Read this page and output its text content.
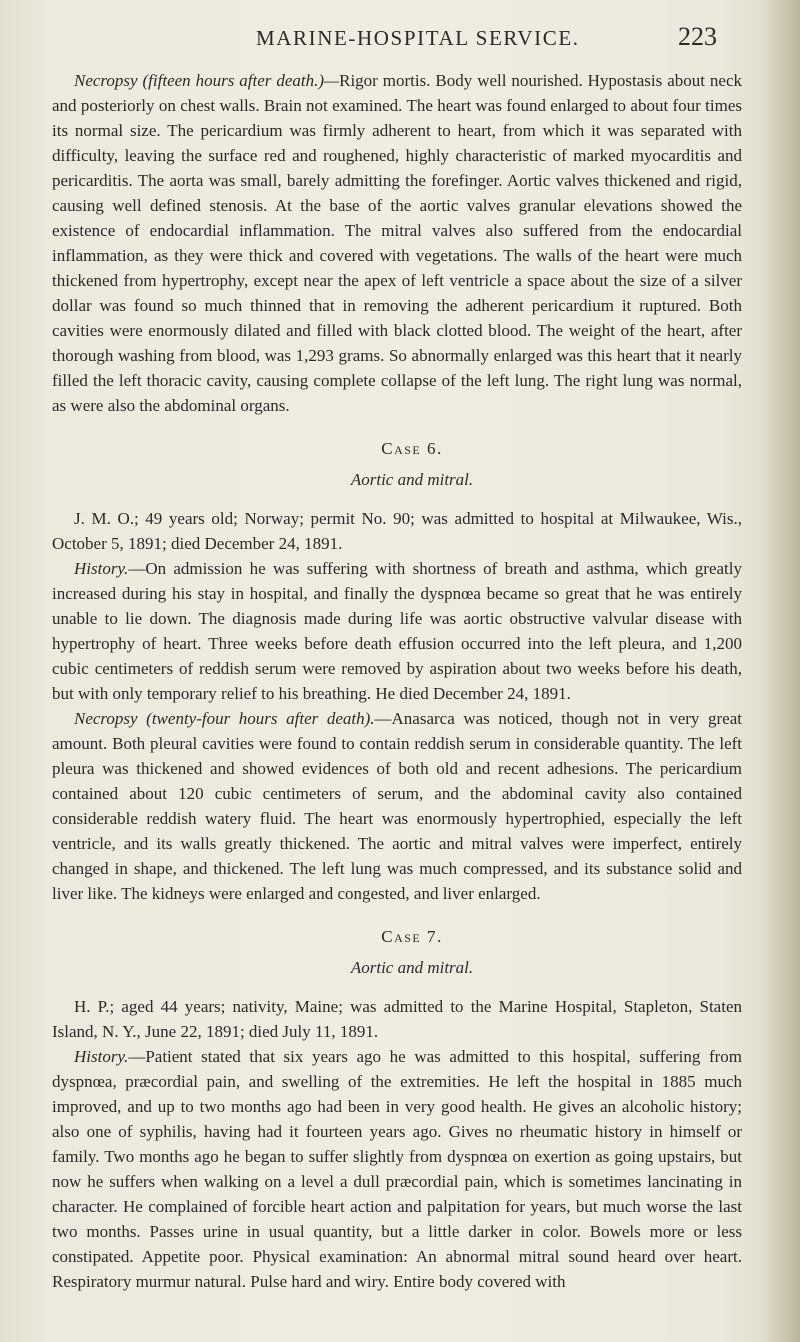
MARINE-HOSPITAL SERVICE.	223

Necropsy (fifteen hours after death.)—Rigor mortis. Body well nourished. Hypostasis about neck and posteriorly on chest walls. Brain not examined. The heart was found enlarged to about four times its normal size. The pericardium was firmly adherent to heart, from which it was separated with difficulty, leaving the surface red and roughened, highly characteristic of marked myocarditis and pericarditis. The aorta was small, barely admitting the forefinger. Aortic valves thickened and rigid, causing well defined stenosis. At the base of the aortic valves granular elevations showed the existence of endocardial inflammation. The mitral valves also suffered from the endocardial inflammation, as they were thick and covered with vegetations. The walls of the heart were much thickened from hypertrophy, except near the apex of left ventricle a space about the size of a silver dollar was found so much thinned that in removing the adherent pericardium it ruptured. Both cavities were enormously dilated and filled with black clotted blood. The weight of the heart, after thorough washing from blood, was 1,293 grams. So abnormally enlarged was this heart that it nearly filled the left thoracic cavity, causing complete collapse of the left lung. The right lung was normal, as were also the abdominal organs.

Case 6.
Aortic and mitral.

J. M. O.; 49 years old; Norway; permit No. 90; was admitted to hospital at Milwaukee, Wis., October 5, 1891; died December 24, 1891.

History.—On admission he was suffering with shortness of breath and asthma, which greatly increased during his stay in hospital, and finally the dyspnœa became so great that he was entirely unable to lie down. The diagnosis made during life was aortic obstructive valvular disease with hypertrophy of heart. Three weeks before death effusion occurred into the left pleura, and 1,200 cubic centimeters of reddish serum were removed by aspiration about two weeks before his death, but with only temporary relief to his breathing. He died December 24, 1891.

Necropsy (twenty-four hours after death).—Anasarca was noticed, though not in very great amount. Both pleural cavities were found to contain reddish serum in considerable quantity. The left pleura was thickened and showed evidences of both old and recent adhesions. The pericardium contained about 120 cubic centimeters of serum, and the abdominal cavity also contained considerable reddish watery fluid. The heart was enormously hypertrophied, especially the left ventricle, and its walls greatly thickened. The aortic and mitral valves were imperfect, entirely changed in shape, and thickened. The left lung was much compressed, and its substance solid and liver like. The kidneys were enlarged and congested, and liver enlarged.

Case 7.
Aortic and mitral.

H. P.; aged 44 years; nativity, Maine; was admitted to the Marine Hospital, Stapleton, Staten Island, N. Y., June 22, 1891; died July 11, 1891.

History.—Patient stated that six years ago he was admitted to this hospital, suffering from dyspnœa, præcordial pain, and swelling of the extremities. He left the hospital in 1885 much improved, and up to two months ago had been in very good health. He gives an alcoholic history; also one of syphilis, having had it fourteen years ago. Gives no rheumatic history in himself or family. Two months ago he began to suffer slightly from dyspnœa on exertion as going upstairs, but now he suffers when walking on a level a dull præcordial pain, which is sometimes lancinating in character. He complained of forcible heart action and palpitation for years, but much worse the last two months. Passes urine in usual quantity, but a little darker in color. Bowels more or less constipated. Appetite poor. Physical examination: An abnormal mitral sound heard over heart. Respiratory murmur natural. Pulse hard and wiry. Entire body covered with
